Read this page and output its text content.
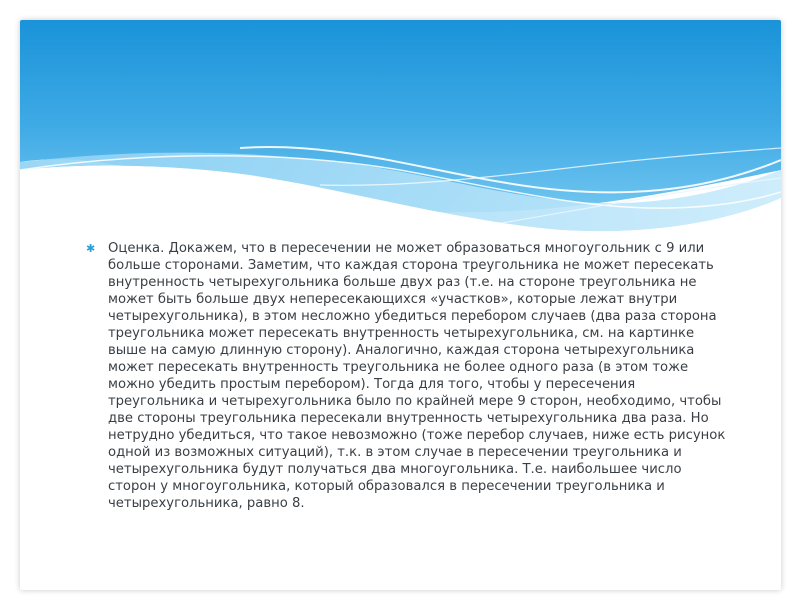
✱ Оценка. Докажем, что в пересечении не может образоваться многоугольник с 9 или больше сторонами. Заметим, что каждая сторона треугольника не может пересекать внутренность четырехугольника больше двух раз (т.е. на стороне треугольника не может быть больше двух непересекающихся «участков», которые лежат внутри четырехугольника), в этом несложно убедиться перебором случаев (два раза сторона треугольника может пересекать внутренность четырехугольника, см. на картинке выше на самую длинную сторону). Аналогично, каждая сторона четырехугольника может пересекать внутренность треугольника не более одного раза (в этом тоже можно убедить простым перебором). Тогда для того, чтобы у пересечения треугольника и четырехугольника было по крайней мере 9 сторон, необходимо, чтобы две стороны треугольника пересекали внутренность четырехугольника два раза. Но нетрудно убедиться, что такое невозможно (тоже перебор случаев, ниже есть рисунок одной из возможных ситуаций), т.к. в этом случае в пересечении треугольника и четырехугольника будут получаться два многоугольника. Т.е. наибольшее число сторон у многоугольника, который образовался в пересечении треугольника и четырехугольника, равно 8.
